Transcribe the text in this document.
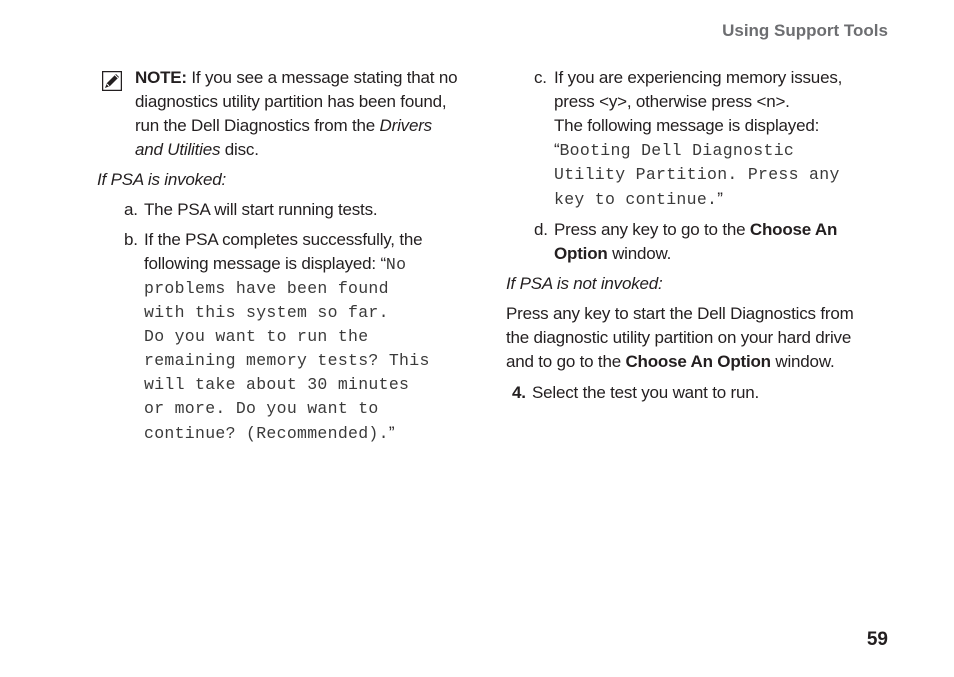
Using Support Tools
NOTE: If you see a message stating that no
diagnostics utility partition has been found,
run the Dell Diagnostics from the Drivers
and Utilities disc.
If PSA is invoked:
a. The PSA will start running tests.
b. If the PSA completes successfully, the
following message is displayed: “No
problems have been found
with this system so far.
Do you want to run the
remaining memory tests? This
will take about 30 minutes
or more. Do you want to
continue? (Recommended).”
c. If you are experiencing memory issues,
press <y>, otherwise press <n>.
The following message is displayed:
“Booting Dell Diagnostic
Utility Partition. Press any
key to continue.”
d. Press any key to go to the Choose An
Option window.
If PSA is not invoked:
Press any key to start the Dell Diagnostics from
the diagnostic utility partition on your hard drive
and to go to the Choose An Option window.
4. Select the test you want to run.
59
